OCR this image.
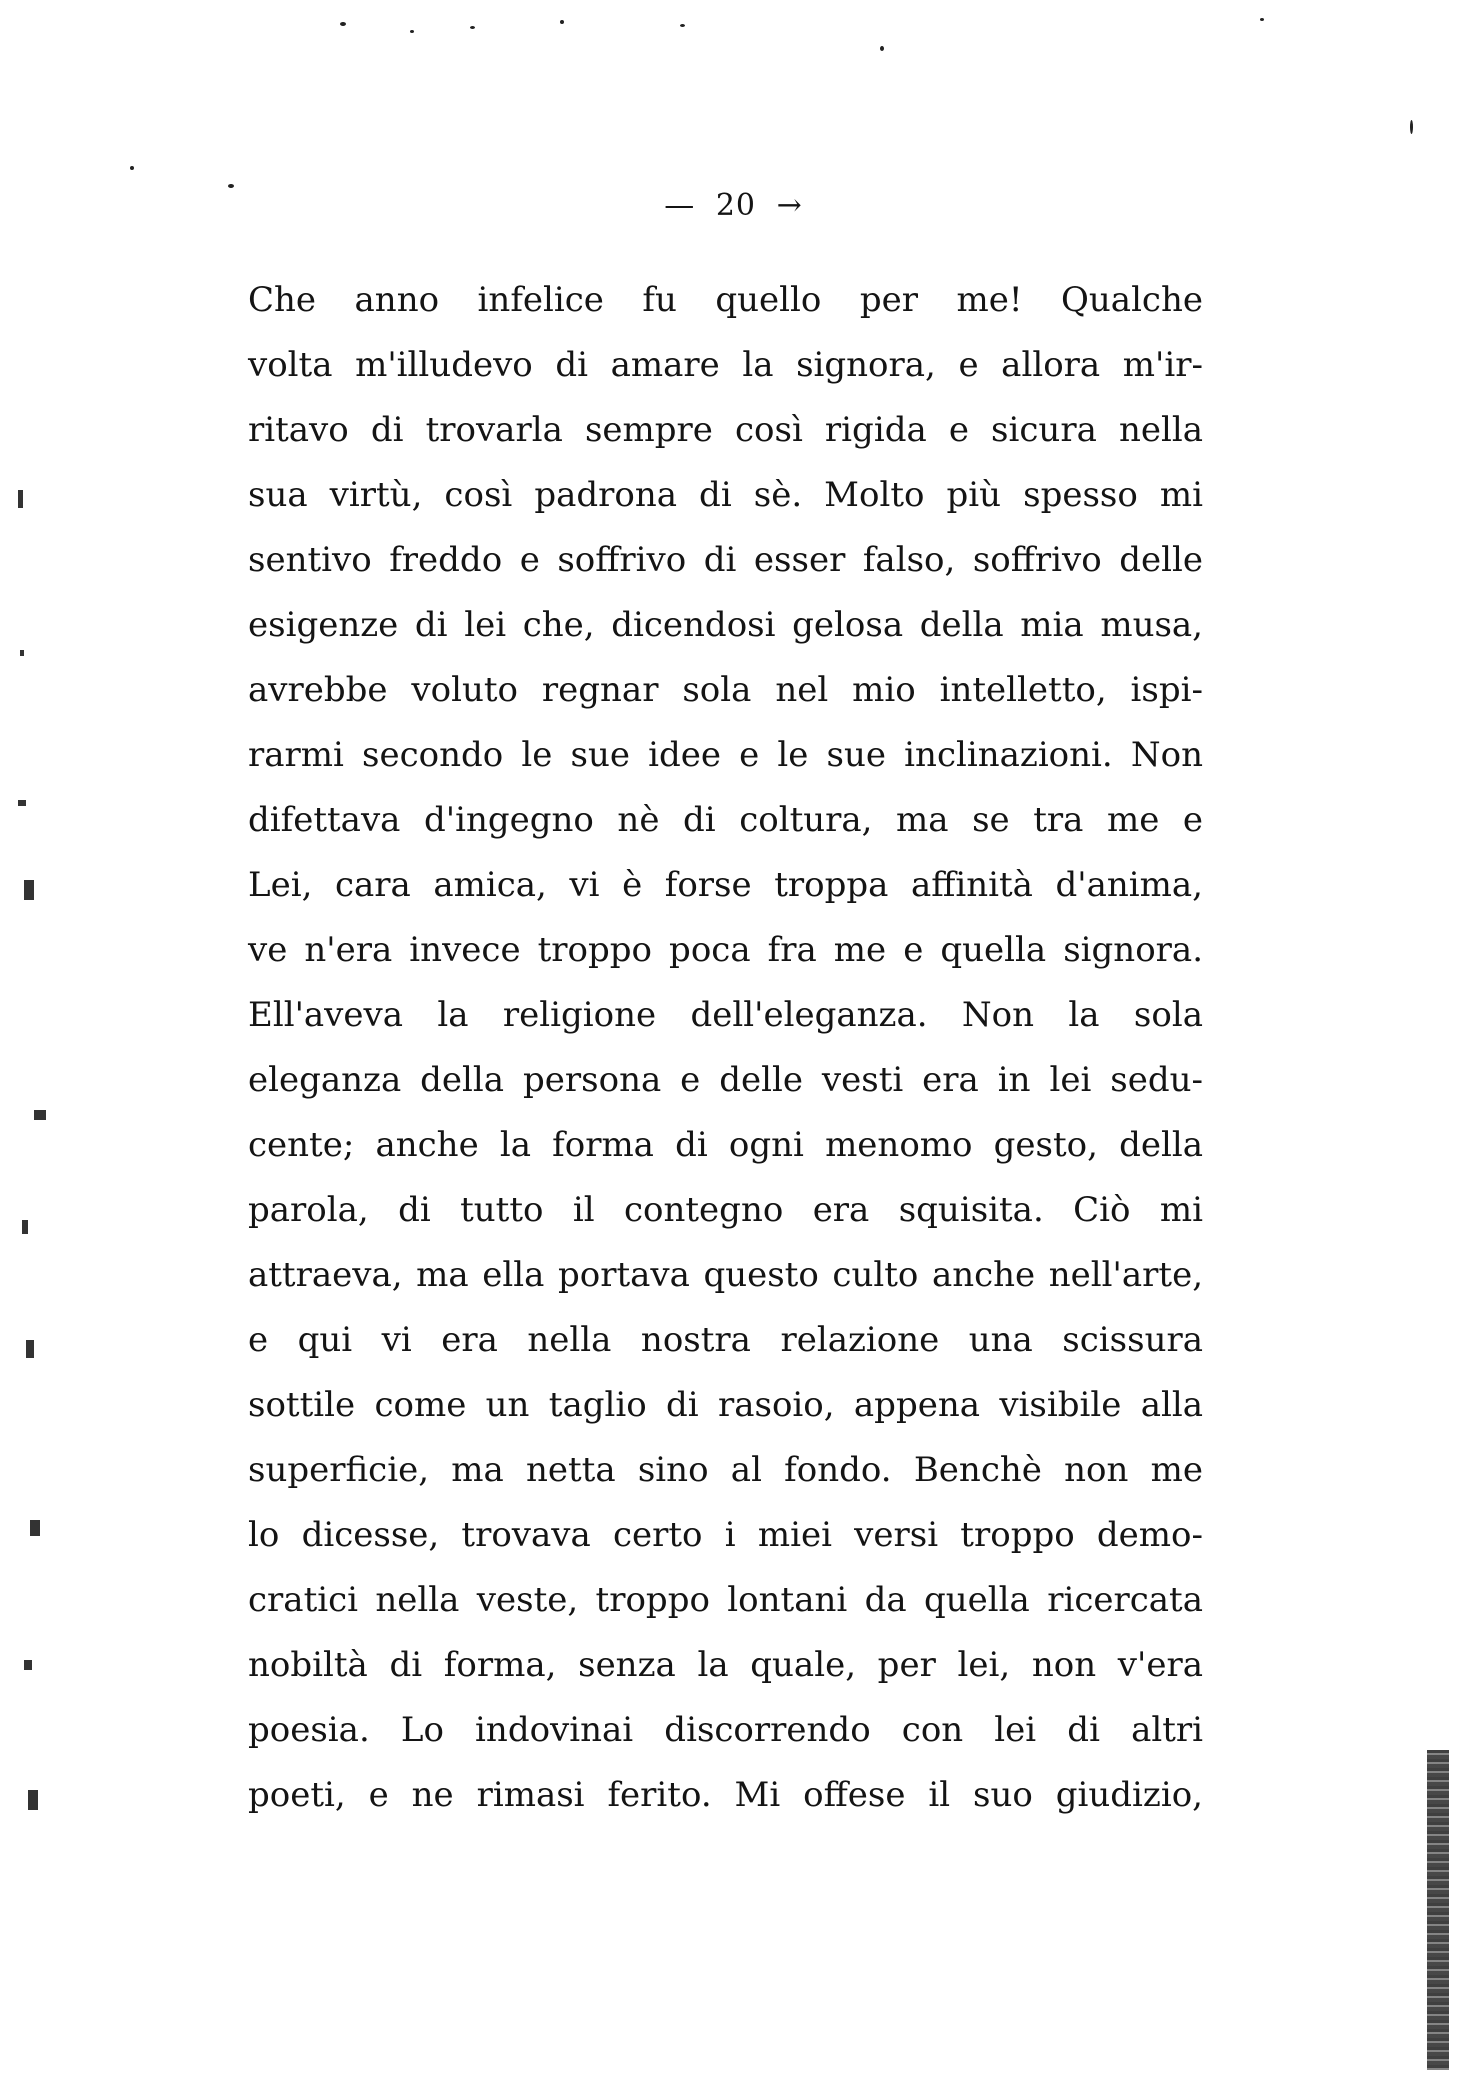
— 20 →
Che anno infelice fu quello per me! Qualche
volta m'illudevo di amare la signora, e allora m'ir-
ritavo di trovarla sempre così rigida e sicura nella
sua virtù, così padrona di sè. Molto più spesso mi
sentivo freddo e soffrivo di esser falso, soffrivo delle
esigenze di lei che, dicendosi gelosa della mia musa,
avrebbe voluto regnar sola nel mio intelletto, ispi-
rarmi secondo le sue idee e le sue inclinazioni. Non
difettava d'ingegno nè di coltura, ma se tra me e
Lei, cara amica, vi è forse troppa affinità d'anima,
ve n'era invece troppo poca fra me e quella signora.
Ell'aveva la religione dell'eleganza. Non la sola
eleganza della persona e delle vesti era in lei sedu-
cente; anche la forma di ogni menomo gesto, della
parola, di tutto il contegno era squisita. Ciò mi
attraeva, ma ella portava questo culto anche nell'arte,
e qui vi era nella nostra relazione una scissura
sottile come un taglio di rasoio, appena visibile alla
superficie, ma netta sino al fondo. Benchè non me
lo dicesse, trovava certo i miei versi troppo demo-
cratici nella veste, troppo lontani da quella ricercata
nobiltà di forma, senza la quale, per lei, non v'era
poesia. Lo indovinai discorrendo con lei di altri
poeti, e ne rimasi ferito. Mi offese il suo giudizio,
